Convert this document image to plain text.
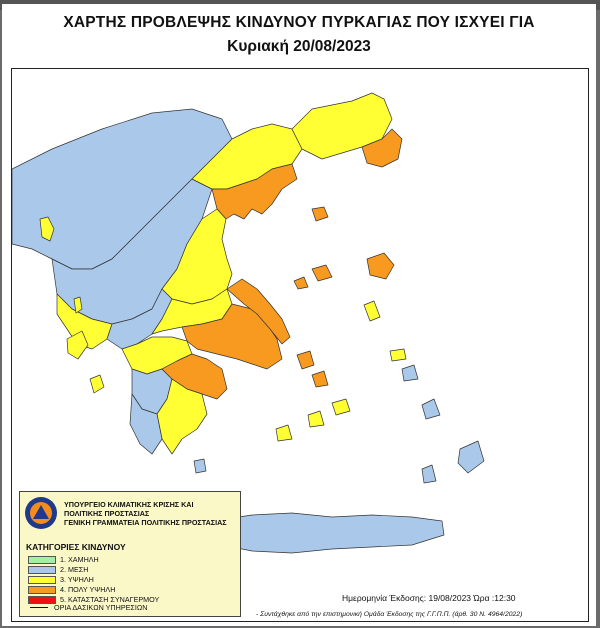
ΧΑΡΤΗΣ ΠΡΟΒΛΕΨΗΣ ΚΙΝΔΥΝΟΥ ΠΥΡΚΑΓΙΑΣ ΠΟΥ ΙΣΧΥΕΙ ΓΙΑ
Κυριακή 20/08/2023
ΥΠΟΥΡΓΕΙΟ ΚΛΙΜΑΤΙΚΗΣ ΚΡΙΣΗΣ ΚΑΙ
ΠΟΛΙΤΙΚΗΣ ΠΡΟΣΤΑΣΙΑΣ
ΓΕΝΙΚΗ ΓΡΑΜΜΑΤΕΙΑ ΠΟΛΙΤΙΚΗΣ ΠΡΟΣΤΑΣΙΑΣ
ΚΑΤΗΓΟΡΙΕΣ ΚΙΝΔΥΝΟΥ
1. ΧΑΜΗΛΗ
2. ΜΕΣΗ
3. ΥΨΗΛΗ
4. ΠΟΛΥ ΥΨΗΛΗ
5. ΚΑΤΑΣΤΑΣΗ ΣΥΝΑΓΕΡΜΟΥ
ΟΡΙΑ ΔΑΣΙΚΩΝ ΥΠΗΡΕΣΙΩΝ
Ημερομηνία Έκδοσης: 19/08/2023 Ώρα :12:30
- Συντάχθηκε από την επιστημονική Ομάδα Έκδοσης της Γ.Γ.Π.Π. (άρθ. 30 Ν. 4964/2022)
